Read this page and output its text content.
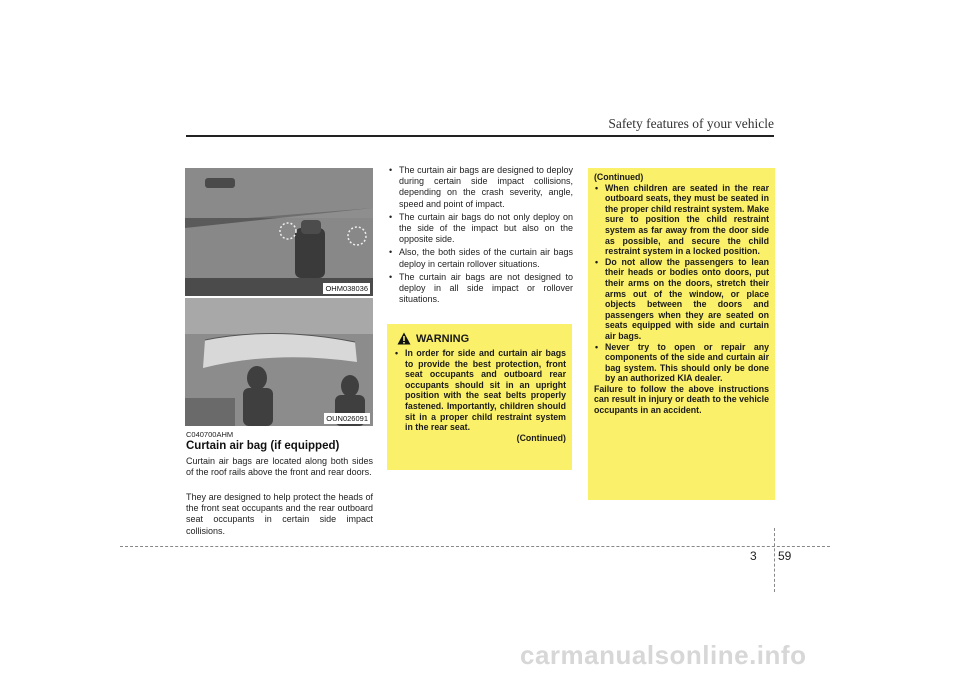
Safety features of your vehicle
OHM038036
OUN026091
C040700AHM
Curtain air bag (if equipped)

Curtain air bags are located along both sides of the roof rails above the front and rear doors.

They are designed to help protect the heads of the front seat occupants and the rear outboard seat occupants in certain side impact collisions.

• The curtain air bags are designed to deploy during certain side impact collisions, depending on the crash severity, angle, speed and point of impact.
• The curtain air bags do not only deploy on the side of the impact but also on the opposite side.
• Also, the both sides of the curtain air bags deploy in certain rollover situations.
• The curtain air bags are not designed to deploy in all side impact or rollover situations.
WARNING
• In order for side and curtain air bags to provide the best protection, front seat occupants and outboard rear occupants should sit in an upright position with the seat belts properly fastened. Importantly, children should sit in a proper child restraint system in the rear seat.
(Continued)
(Continued)
• When children are seated in the rear outboard seats, they must be seated in the proper child restraint system. Make sure to position the child restraint system as far away from the door side as possible, and secure the child restraint system in a locked position.
• Do not allow the passengers to lean their heads or bodies onto doors, put their arms on the doors, stretch their arms out of the window, or place objects between the doors and passengers when they are seated on seats equipped with side and curtain air bags.
• Never try to open or repair any components of the side and curtain air bag system. This should only be done by an authorized KIA dealer.

Failure to follow the above instructions can result in injury or death to the vehicle occupants in an accident.

3 59
carmanualsonline.info
